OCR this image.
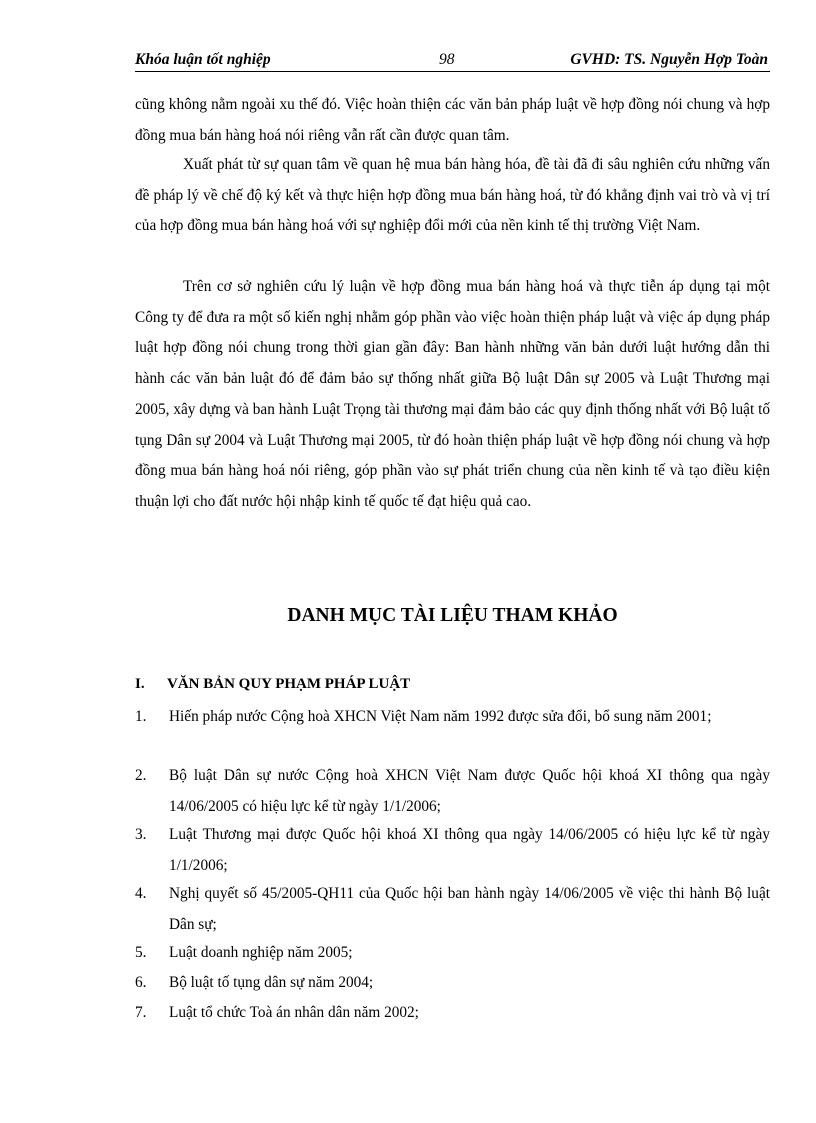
Khóa luận tốt nghiệp	98	GVHD: TS. Nguyễn Hợp Toàn

cũng không nằm ngoài xu thế đó. Việc hoàn thiện các văn bản pháp luật về hợp đồng nói chung và hợp đồng mua bán hàng hoá nói riêng vẫn rất cần được quan tâm.

Xuất phát từ sự quan tâm về quan hệ mua bán hàng hóa, đề tài đã đi sâu nghiên cứu những vấn đề pháp lý về chế độ ký kết và thực hiện hợp đồng mua bán hàng hoá, từ đó khẳng định vai trò và vị trí của hợp đồng mua bán hàng hoá với sự nghiệp đổi mới của nền kinh tế thị trường Việt Nam.

Trên cơ sở nghiên cứu lý luận về hợp đồng mua bán hàng hoá và thực tiễn áp dụng tại một Công ty để đưa ra một số kiến nghị nhằm góp phần vào việc hoàn thiện pháp luật và việc áp dụng pháp luật hợp đồng nói chung trong thời gian gần đây: Ban hành những văn bản dưới luật hướng dẫn thi hành các văn bản luật đó để đảm bảo sự thống nhất giữa Bộ luật Dân sự 2005 và Luật Thương mại 2005, xây dựng và ban hành Luật Trọng tài thương mại đảm bảo các quy định thống nhất với Bộ luật tố tụng Dân sự 2004 và Luật Thương mại 2005, từ đó hoàn thiện pháp luật về hợp đồng nói chung và hợp đồng mua bán hàng hoá nói riêng, góp phần vào sự phát triển chung của nền kinh tế và tạo điều kiện thuận lợi cho đất nước hội nhập kinh tế quốc tế đạt hiệu quả cao.

DANH MỤC TÀI LIỆU THAM KHẢO
I. VĂN BẢN QUY PHẠM PHÁP LUẬT
1. Hiến pháp nước Cộng hoà XHCN Việt Nam năm 1992 được sửa đổi, bổ sung năm 2001;
2. Bộ luật Dân sự nước Cộng hoà XHCN Việt Nam được Quốc hội khoá XI thông qua ngày 14/06/2005 có hiệu lực kể từ ngày 1/1/2006;
3. Luật Thương mại được Quốc hội khoá XI thông qua ngày 14/06/2005 có hiệu lực kể từ ngày 1/1/2006;
4. Nghị quyết số 45/2005-QH11 của Quốc hội ban hành ngày 14/06/2005 về việc thi hành Bộ luật Dân sự;
5. Luật doanh nghiệp năm 2005;
6. Bộ luật tố tụng dân sự năm 2004;
7. Luật tổ chức Toà án nhân dân năm 2002;
